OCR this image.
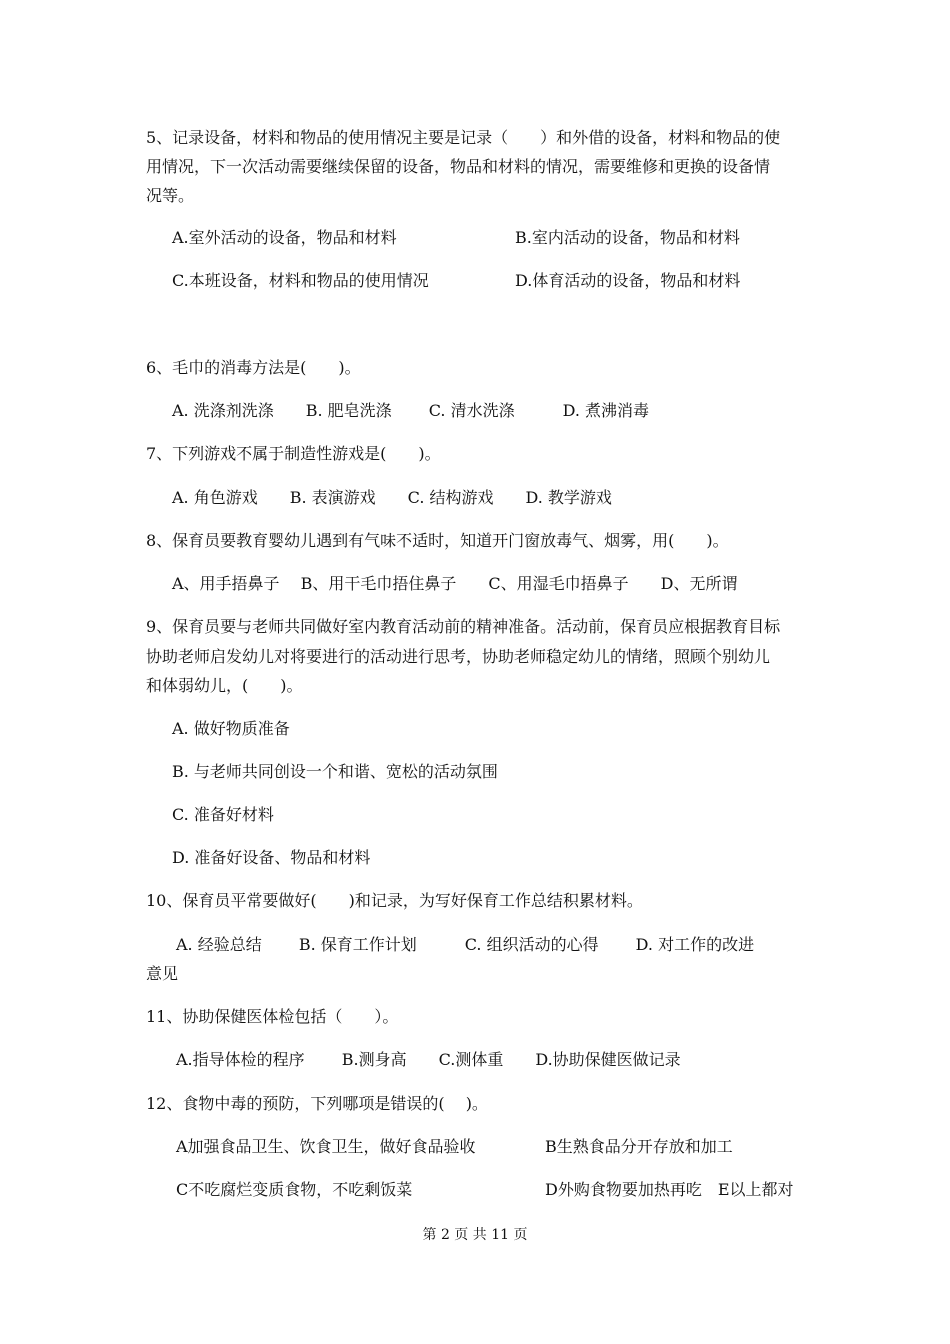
5、记录设备，材料和物品的使用情况主要是记录（　　）和外借的设备，材料和物品的使
用情况，下一次活动需要继续保留的设备，物品和材料的情况，需要维修和更换的设备情
况等。
A.室外活动的设备，物品和材料	B.室内活动的设备，物品和材料
C.本班设备，材料和物品的使用情况	D.体育活动的设备，物品和材料
6、毛巾的消毒方法是(　　)。
A. 洗涤剂洗涤　　B. 肥皂洗涤　　 C. 清水洗涤　　　D. 煮沸消毒
7、下列游戏不属于制造性游戏是(　　)。
A. 角色游戏　　B. 表演游戏　　C. 结构游戏　　D. 教学游戏
8、保育员要教育婴幼儿遇到有气味不适时，知道开门窗放毒气、烟雾，用(　　)。
A、用手捂鼻子　 B、用干毛巾捂住鼻子　　C、用湿毛巾捂鼻子　　D、无所谓
9、保育员要与老师共同做好室内教育活动前的精神准备。活动前，保育员应根据教育目标
协助老师启发幼儿对将要进行的活动进行思考，协助老师稳定幼儿的情绪，照顾个别幼儿
和体弱幼儿，(　　)。
A. 做好物质准备
B. 与老师共同创设一个和谐、宽松的活动氛围
C. 准备好材料
D. 准备好设备、物品和材料
10、保育员平常要做好(　　)和记录，为写好保育工作总结积累材料。
A. 经验总结　　 B. 保育工作计划　　　C. 组织活动的心得　　 D. 对工作的改进
意见
11、协助保健医体检包括（　　）。
A.指导体检的程序　　 B.测身高　　C.测体重　　D.协助保健医做记录
12、食物中毒的预防，下列哪项是错误的(　 )。
A加强食品卫生、饮食卫生，做好食品验收	B生熟食品分开存放和加工
C不吃腐烂变质食物，不吃剩饭菜	D外购食物要加热再吃　E以上都对
第 2 页 共 11 页
